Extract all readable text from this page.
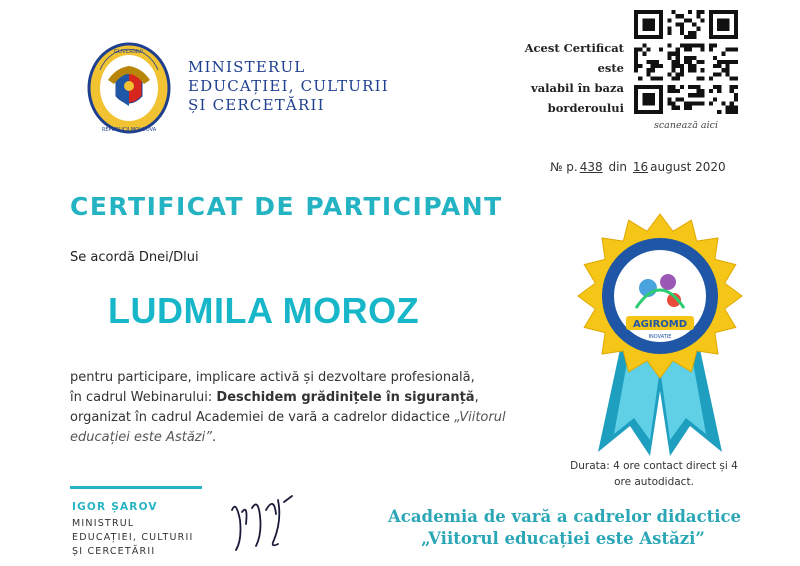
GUVERNUL
REPUBLICII MOLDOVA
MINISTERUL
EDUCAȚIEI, CULTURII
ȘI CERCETĂRII
Acest Certificat este
valabil în baza
borderoului
scanează aici
№ p. 438 din 16 august 2020
CERTIFICAT DE PARTICIPANT
Se acordă Dnei/Dlui
LUDMILA MOROZ
pentru participare, implicare activă și dezvoltare profesională,
în cadrul Webinarului: Deschidem grădinițele în siguranță,
organizat în cadrul Academiei de vară a cadrelor didactice „Viitorul
educației este Astăzi”.
AGIROMD
INOVATIE
Durata: 4 ore contact direct și 4
ore autodidact.
IGOR ȘAROV
MINISTRUL
EDUCAȚIEI, CULTURII
ȘI CERCETĂRII
Academia de vară a cadrelor didactice
„Viitorul educației este Astăzi”
